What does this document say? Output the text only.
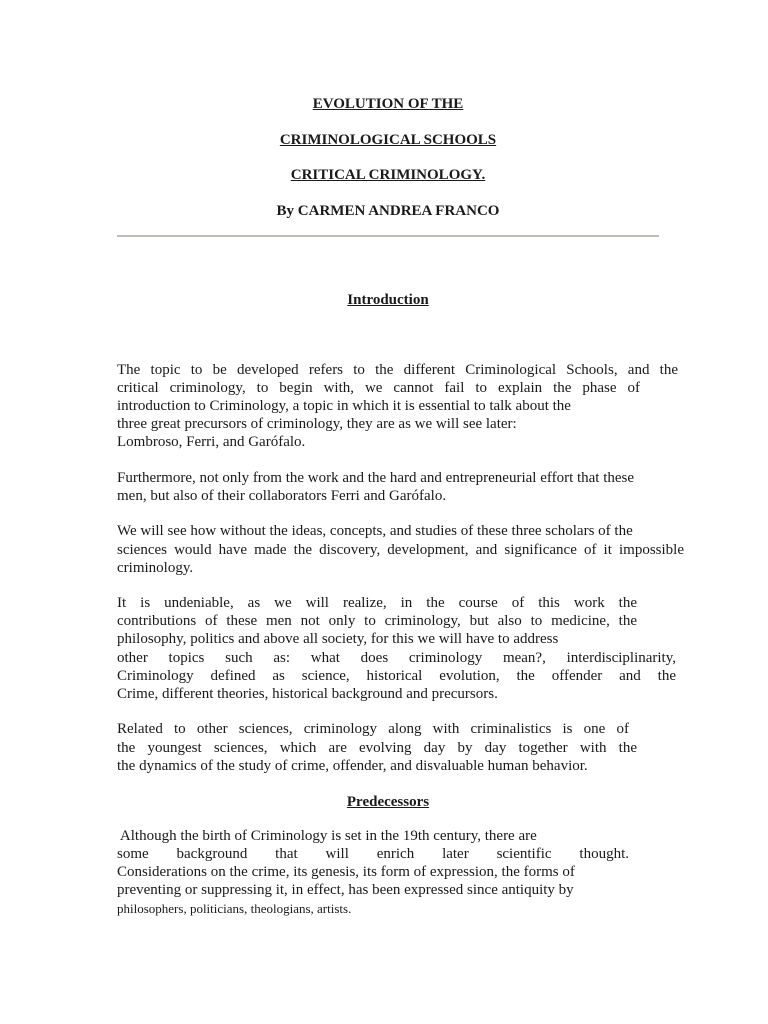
EVOLUTION OF THE
CRIMINOLOGICAL SCHOOLS
CRITICAL CRIMINOLOGY.
By CARMEN ANDREA FRANCO
Introduction
The topic to be developed refers to the different Criminological Schools, and the
critical criminology, to begin with, we cannot fail to explain the phase of
introduction to Criminology, a topic in which it is essential to talk about the
three great precursors of criminology, they are as we will see later:
Lombroso, Ferri, and Garófalo.
Furthermore, not only from the work and the hard and entrepreneurial effort that these
men, but also of their collaborators Ferri and Garófalo.
We will see how without the ideas, concepts, and studies of these three scholars of the
sciences would have made the discovery, development, and significance of it impossible
criminology.
It is undeniable, as we will realize, in the course of this work the
contributions of these men not only to criminology, but also to medicine, the
philosophy, politics and above all society, for this we will have to address
other topics such as: what does criminology mean?, interdisciplinarity,
Criminology defined as science, historical evolution, the offender and the
Crime, different theories, historical background and precursors.
Related to other sciences, criminology along with criminalistics is one of
the youngest sciences, which are evolving day by day together with the
the dynamics of the study of crime, offender, and disvaluable human behavior.
Predecessors
Although the birth of Criminology is set in the 19th century, there are
some background that will enrich later scientific thought.
Considerations on the crime, its genesis, its form of expression, the forms of
preventing or suppressing it, in effect, has been expressed since antiquity by
philosophers, politicians, theologians, artists.
